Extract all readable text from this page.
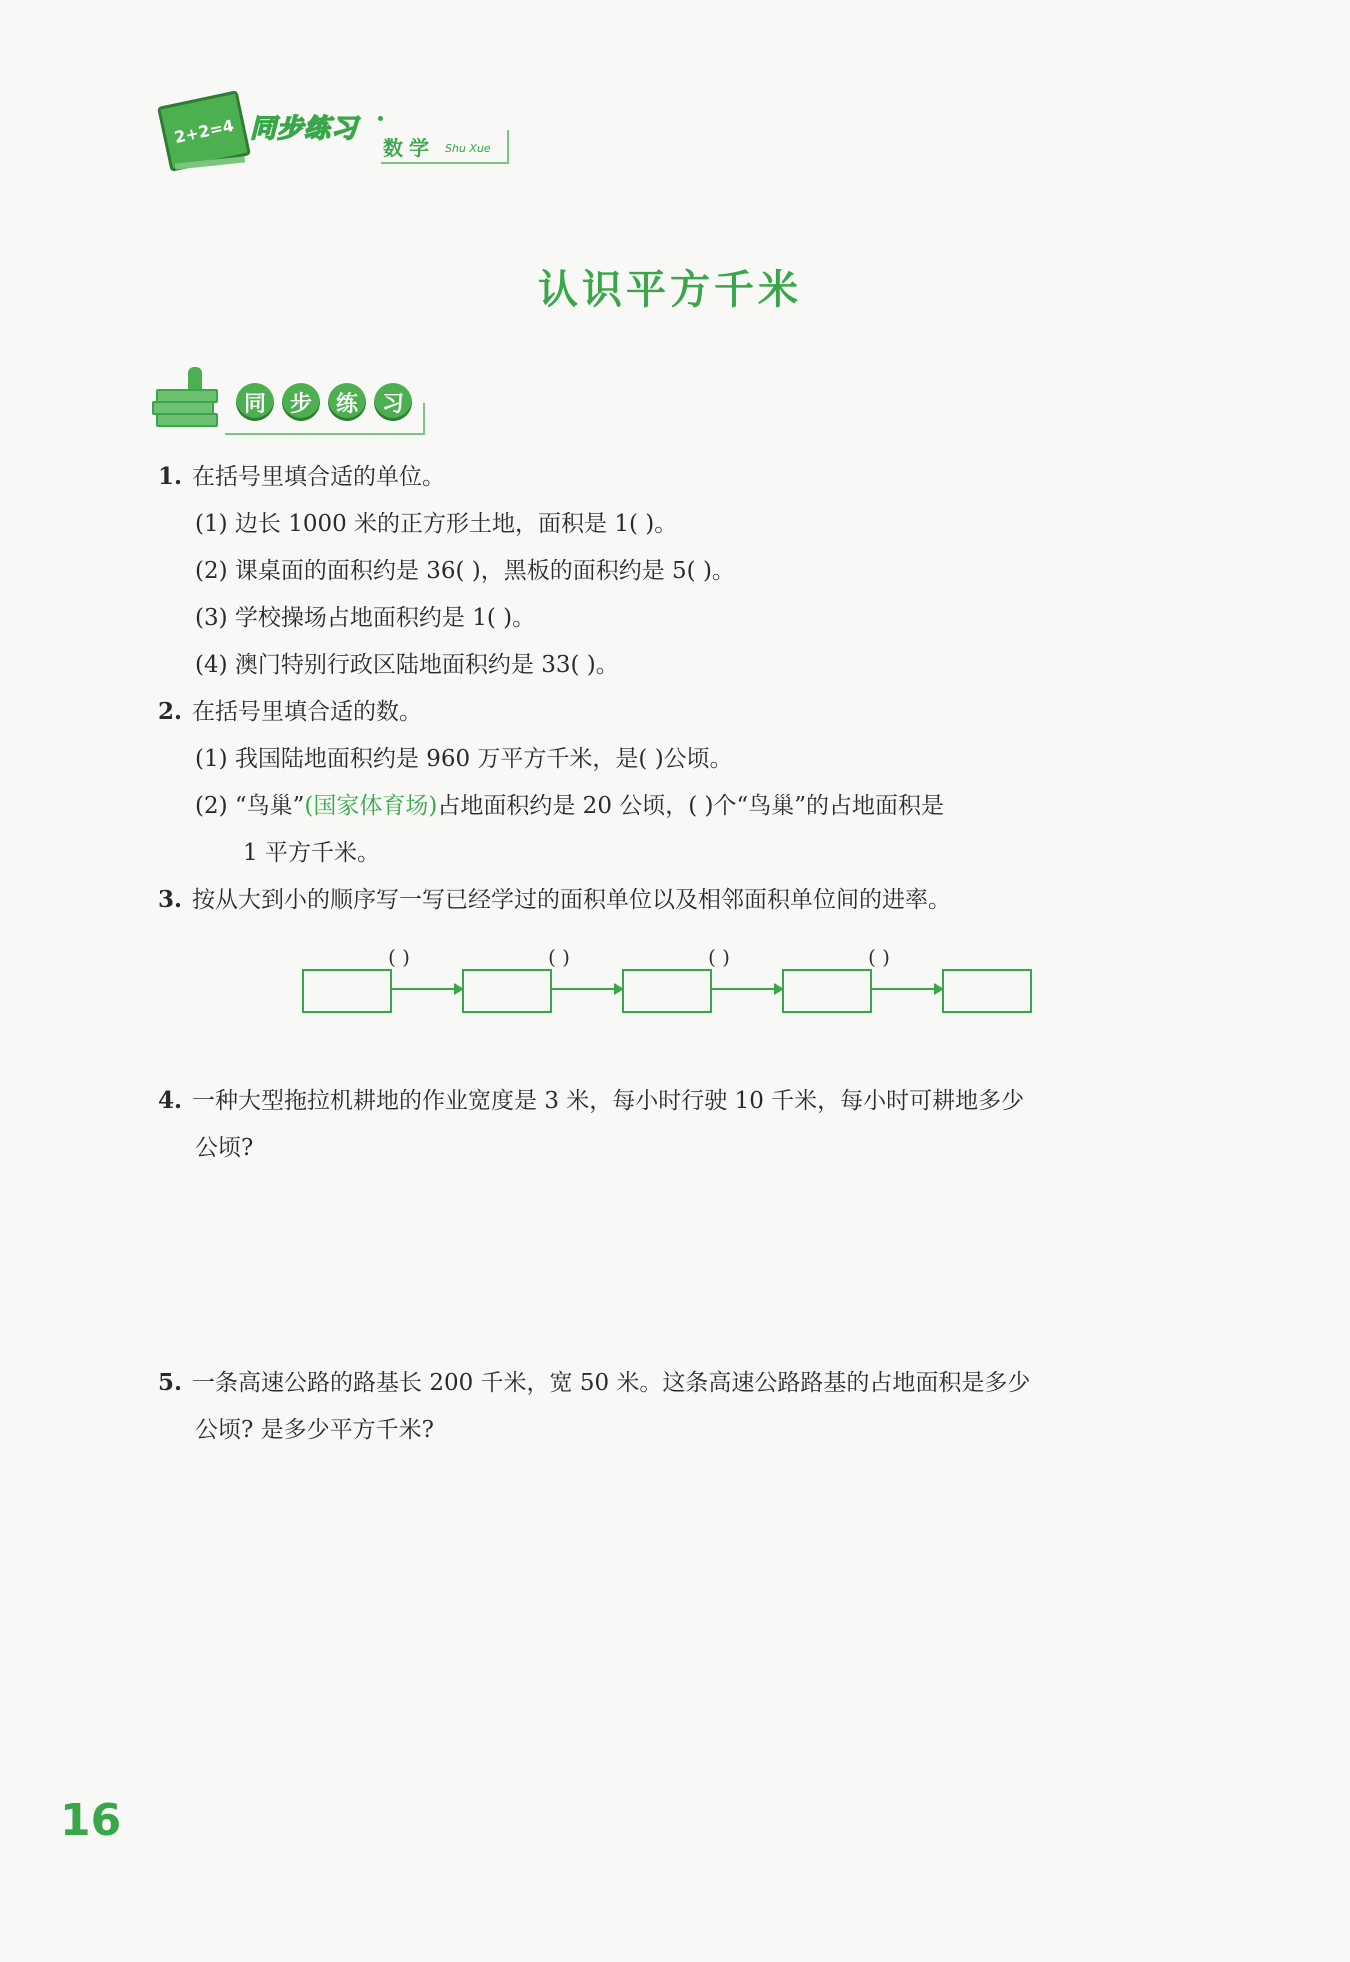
2+2=4 同步练习
数学 Shu Xue
认识平方千米
同	步	练	习
1. 在括号里填合适的单位。
(1) 边长 1000 米的正方形土地，面积是 1( )。
(2) 课桌面的面积约是 36( )，黑板的面积约是 5( )。
(3) 学校操场占地面积约是 1( )。
(4) 澳门特别行政区陆地面积约是 33( )。
2. 在括号里填合适的数。
(1) 我国陆地面积约是 960 万平方千米，是( )公顷。
(2) “鸟巢”(国家体育场)占地面积约是 20 公顷，( )个“鸟巢”的占地面积是
1 平方千米。
3. 按从大到小的顺序写一写已经学过的面积单位以及相邻面积单位间的进率。
( )	( )	( )	( )
4. 一种大型拖拉机耕地的作业宽度是 3 米，每小时行驶 10 千米，每小时可耕地多少
公顷?
5. 一条高速公路的路基长 200 千米，宽 50 米。这条高速公路路基的占地面积是多少
公顷? 是多少平方千米?
16
